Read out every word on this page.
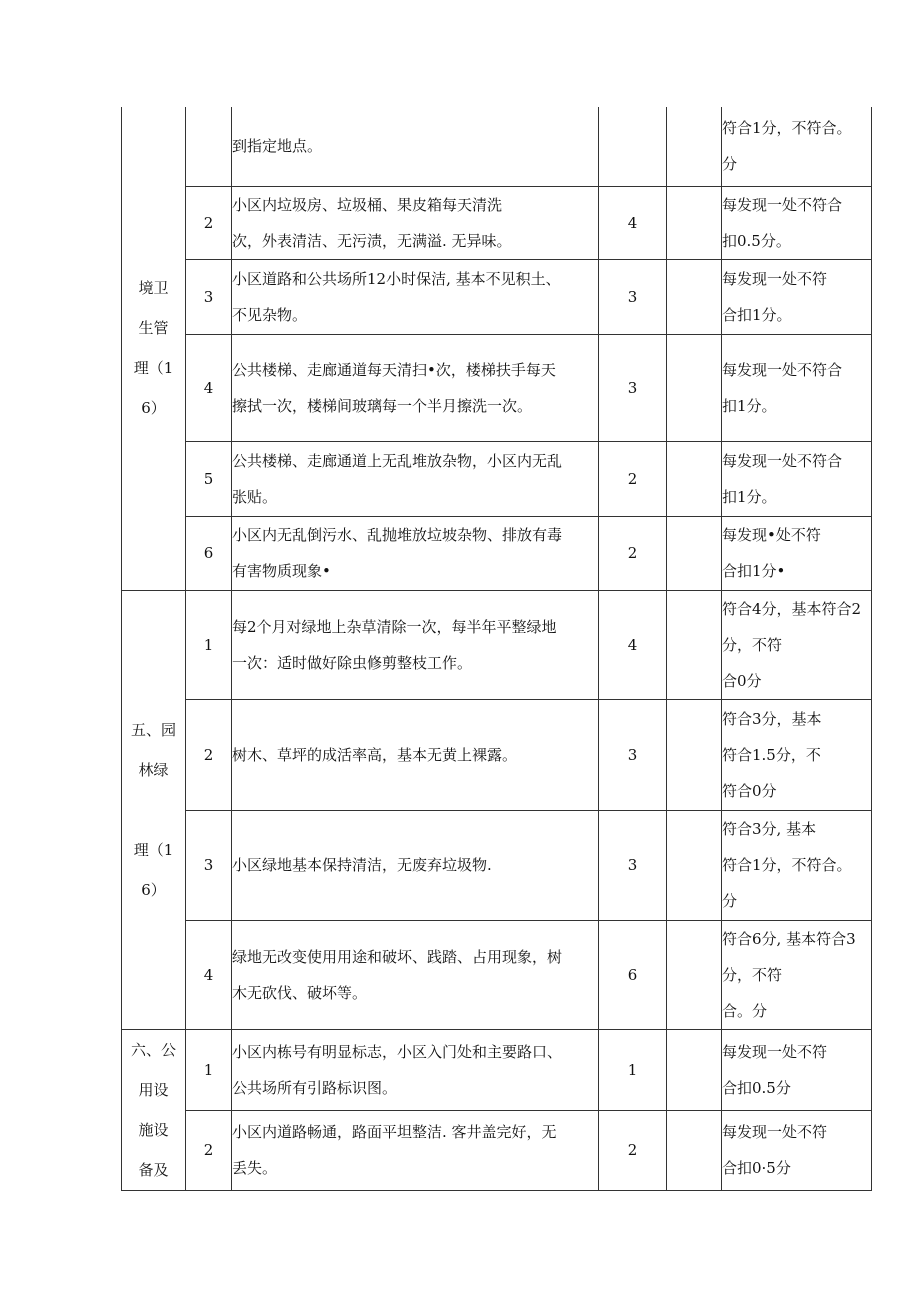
境卫
生管
理（1
6）		到指定地点。			符合1分，不符合。
分

	2	小区内垃圾房、垃圾桶、果皮箱每天清洗
次，外表清洁、无污渍，无满溢. 无异味。	4		每发现一处不符合
扣0.5分。

	3	小区道路和公共场所12小时保洁, 基本不见积土、
不见杂物。	3		每发现一处不符
合扣1分。

	4	公共楼梯、走廊通道每天清扫•次，楼梯扶手每天
擦拭一次，楼梯间玻璃每一个半月擦洗一次。	3		每发现一处不符合
扣1分。

	5	公共楼梯、走廊通道上无乱堆放杂物，小区内无乱
张贴。	2		每发现一处不符合
扣1分。

	6	小区内无乱倒污水、乱抛堆放垃坡杂物、排放有毒
有害物质现象•	2		每发现•处不符
合扣1分•

五、园
林绿

理（1
6）	1	每2个月对绿地上杂草清除一次，每半年平整绿地
一次：适时做好除虫修剪整枝工作。	4		符合4分，基本符合2
分，不符
合0分

	2	树木、草坪的成活率高，基本无黄上裸露。	3		符合3分，基本
符合1.5分，不
符合0分

	3	小区绿地基本保持清洁，无废弃垃圾物.	3		符合3分, 基本
符合1分，不符合。
分

	4	绿地无改变使用用途和破坏、践踏、占用现象，树
木无砍伐、破坏等。	6		符合6分, 基本符合3
分，不符
合。分

六、公
用设
施设
备及	1	小区内栋号有明显标志，小区入门处和主要路口、
公共场所有引路标识图。	1		每发现一处不符
合扣0.5分

	2	小区内道路畅通，路面平坦整洁. 客井盖完好，无
丢失。	2		每发现一处不符
合扣0·5分
